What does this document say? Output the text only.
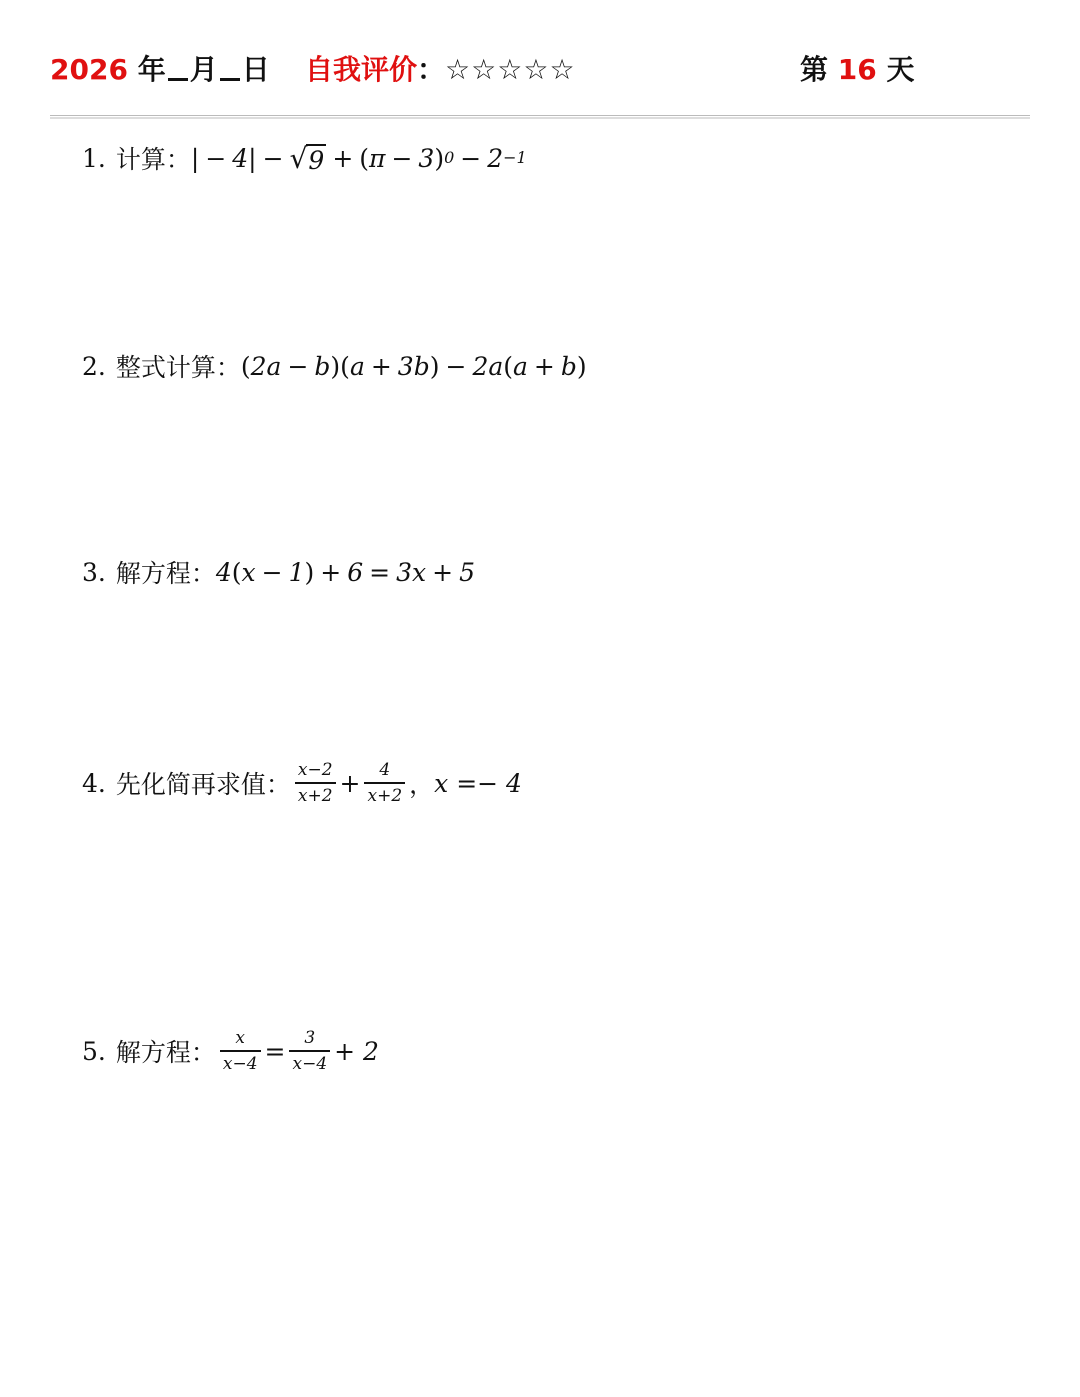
2026 年 月 日 自我评价：☆☆☆☆☆	第 16 天
1. 计算： | − 4 | − √ 9 + ( π − 3 ) 0 − 2 −1
2. 整式计算： ( 2a − b )( a + 3b ) − 2a ( a + b )
3. 解方程： 4 ( x − 1 ) + 6 = 3x + 5
4. 先化简再求值： $\frac{x-2}{x+2} + \frac{4}{x+2}$ ， x =− 4
5. 解方程： $\frac{x}{x-4} = \frac{3}{x-4} + 2$
